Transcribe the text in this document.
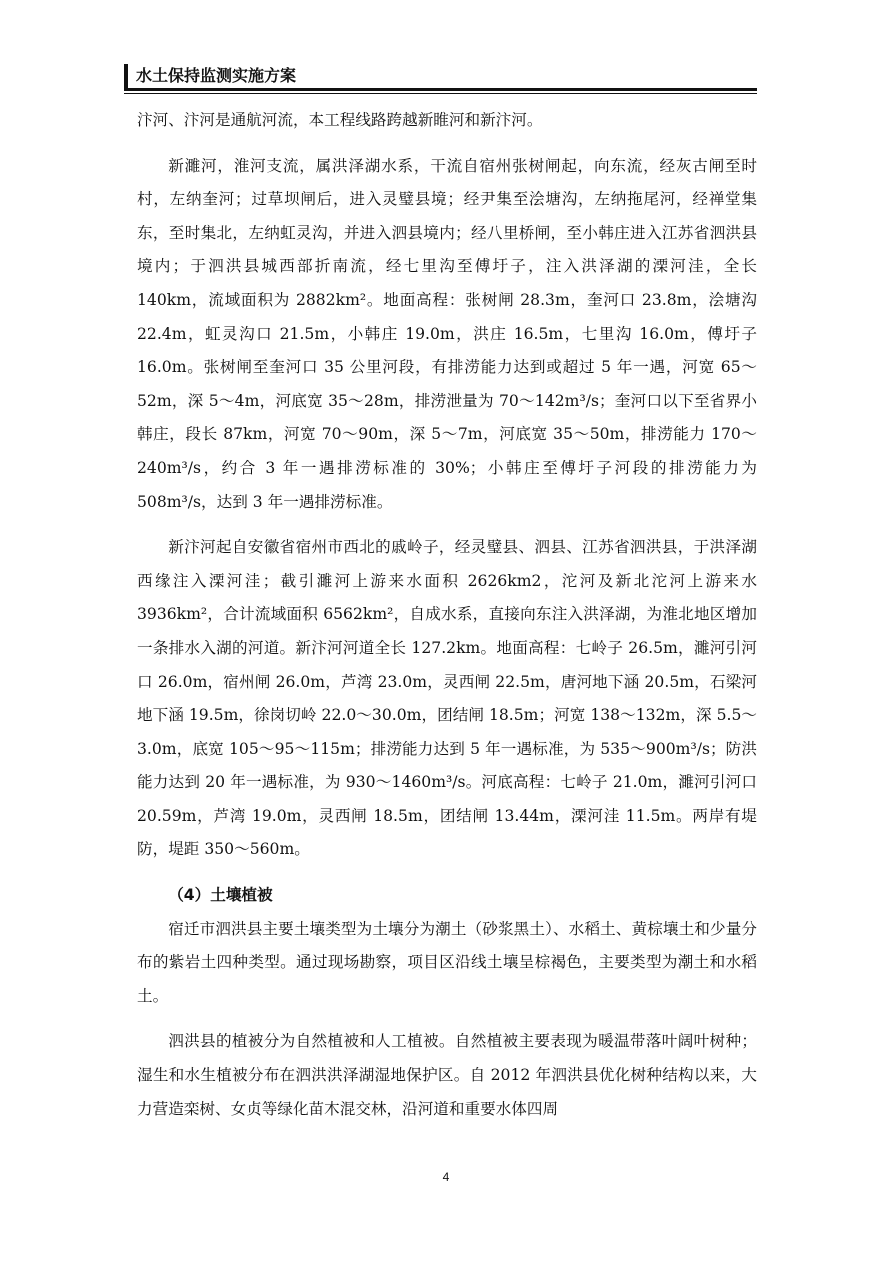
水土保持监测实施方案

汴河、汴河是通航河流，本工程线路跨越新睢河和新汴河。

新濉河，淮河支流，属洪泽湖水系，干流自宿州张树闸起，向东流，经灰古闸至时村，左纳奎河；过草坝闸后，进入灵璧县境；经尹集至浍塘沟，左纳拖尾河，经禅堂集东，至时集北，左纳虹灵沟，并进入泗县境内；经八里桥闸，至小韩庄进入江苏省泗洪县境内；于泗洪县城西部折南流，经七里沟至傅圩子，注入洪泽湖的溧河洼，全长 140km，流域面积为 2882km²。地面高程：张树闸 28.3m，奎河口 23.8m，浍塘沟 22.4m，虹灵沟口 21.5m，小韩庄 19.0m，洪庄 16.5m，七里沟 16.0m，傅圩子 16.0m。张树闸至奎河口 35 公里河段，有排涝能力达到或超过 5 年一遇，河宽 65～52m，深 5～4m，河底宽 35～28m，排涝泄量为 70～142m³/s；奎河口以下至省界小韩庄，段长 87km，河宽 70～90m，深 5～7m，河底宽 35～50m，排涝能力 170～240m³/s，约合 3 年一遇排涝标准的 30%；小韩庄至傅圩子河段的排涝能力为 508m³/s，达到 3 年一遇排涝标准。

新汴河起自安徽省宿州市西北的戚岭子，经灵璧县、泗县、江苏省泗洪县，于洪泽湖西缘注入溧河洼；截引濉河上游来水面积 2626km2，沱河及新北沱河上游来水 3936km²，合计流域面积 6562km²，自成水系，直接向东注入洪泽湖，为淮北地区增加一条排水入湖的河道。新汴河河道全长 127.2km。地面高程：七岭子 26.5m，濉河引河口 26.0m，宿州闸 26.0m，芦湾 23.0m，灵西闸 22.5m，唐河地下涵 20.5m，石梁河地下涵 19.5m，徐岗切岭 22.0～30.0m，团结闸 18.5m；河宽 138～132m，深 5.5～3.0m，底宽 105～95～115m；排涝能力达到 5 年一遇标准，为 535～900m³/s；防洪能力达到 20 年一遇标准，为 930～1460m³/s。河底高程：七岭子 21.0m，濉河引河口 20.59m，芦湾 19.0m，灵西闸 18.5m，团结闸 13.44m，溧河洼 11.5m。两岸有堤防，堤距 350～560m。

（4）土壤植被

宿迁市泗洪县主要土壤类型为土壤分为潮土（砂浆黑土）、水稻土、黄棕壤土和少量分布的紫岩土四种类型。通过现场勘察，项目区沿线土壤呈棕褐色，主要类型为潮土和水稻土。

泗洪县的植被分为自然植被和人工植被。自然植被主要表现为暖温带落叶阔叶树种；湿生和水生植被分布在泗洪洪泽湖湿地保护区。自 2012 年泗洪县优化树种结构以来，大力营造栾树、女贞等绿化苗木混交林，沿河道和重要水体四周

4
